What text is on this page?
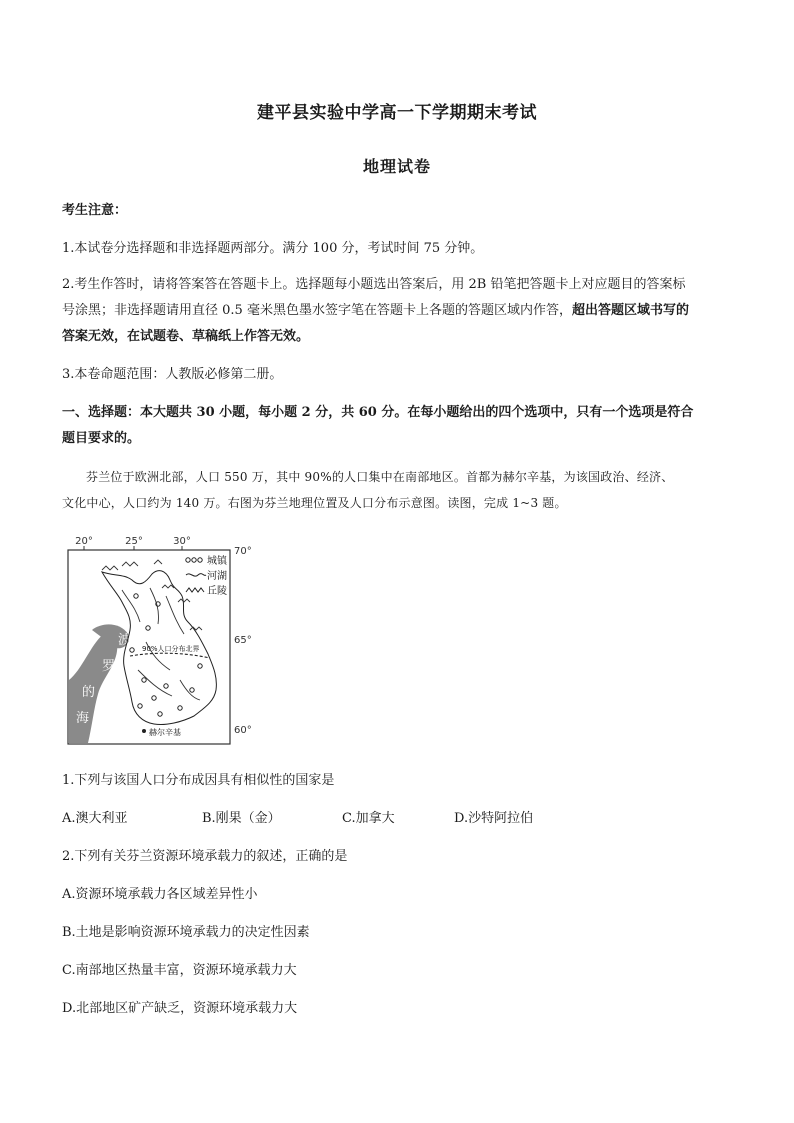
建平县实验中学高一下学期期末考试
地理试卷
考生注意：
1.本试卷分选择题和非选择题两部分。满分 100 分，考试时间 75 分钟。
2.考生作答时，请将答案答在答题卡上。选择题每小题选出答案后，用 2B 铅笔把答题卡上对应题目的答案标
号涂黑；非选择题请用直径 0.5 毫米黑色墨水签字笔在答题卡上各题的答题区域内作答，超出答题区域书写的
答案无效，在试题卷、草稿纸上作答无效。
3.本卷命题范围：人教版必修第二册。
一、选择题：本大题共 30 小题，每小题 2 分，共 60 分。在每小题给出的四个选项中，只有一个选项是符合
题目要求的。
芬兰位于欧洲北部，人口 550 万，其中 90%的人口集中在南部地区。首都为赫尔辛基，为该国政治、经济、
文化中心，人口约为 140 万。右图为芬兰地理位置及人口分布示意图。读图，完成 1~3 题。
20°	25°	30°
70°
65°
60°
波
罗
的
海
90%人口分布北界
城镇
河湖
丘陵
赫尔辛基
1.下列与该国人口分布成因具有相似性的国家是
A.澳大利亚	B.刚果（金）	C.加拿大	D.沙特阿拉伯
2.下列有关芬兰资源环境承载力的叙述，正确的是
A.资源环境承载力各区域差异性小
B.土地是影响资源环境承载力的决定性因素
C.南部地区热量丰富，资源环境承载力大
D.北部地区矿产缺乏，资源环境承载力大
